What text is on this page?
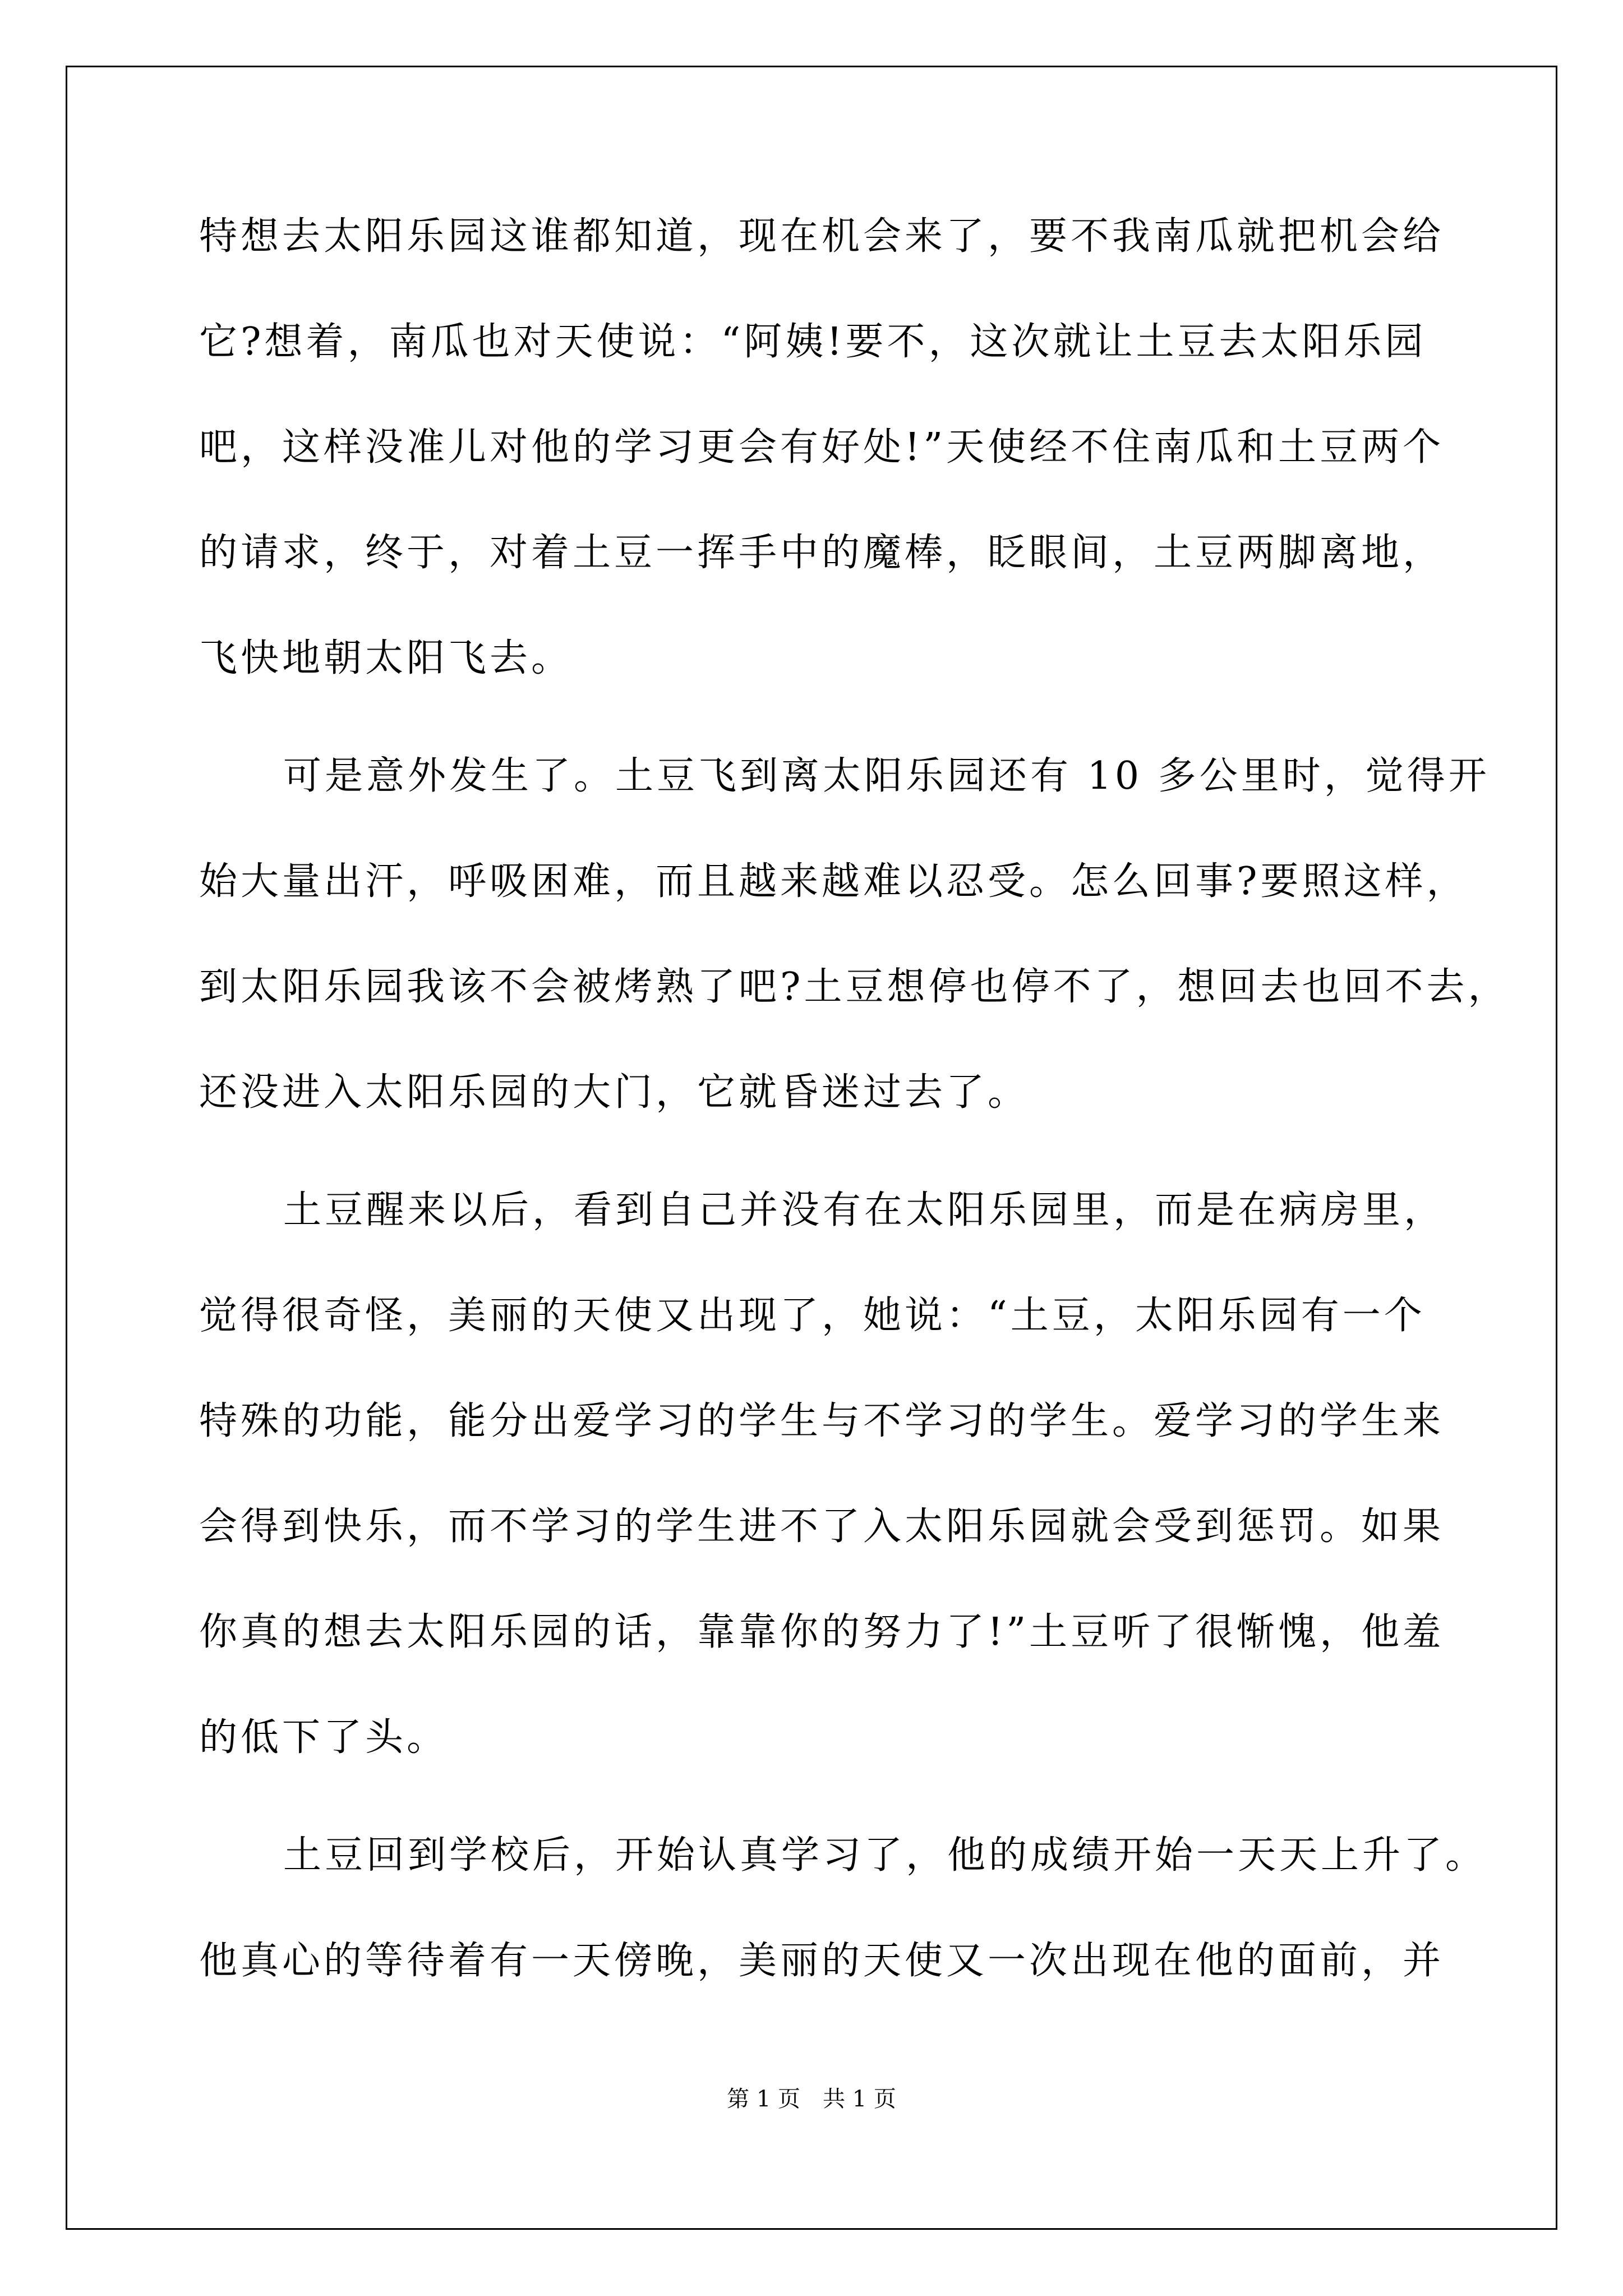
特想去太阳乐园这谁都知道，现在机会来了，要不我南瓜就把机会给
它?想着，南瓜也对天使说：“阿姨!要不，这次就让土豆去太阳乐园
吧，这样没准儿对他的学习更会有好处!”天使经不住南瓜和土豆两个
的请求，终于，对着土豆一挥手中的魔棒，眨眼间，土豆两脚离地，
飞快地朝太阳飞去。
可是意外发生了。土豆飞到离太阳乐园还有 10 多公里时，觉得开
始大量出汗，呼吸困难，而且越来越难以忍受。怎么回事?要照这样，
到太阳乐园我该不会被烤熟了吧?土豆想停也停不了，想回去也回不去，
还没进入太阳乐园的大门，它就昏迷过去了。
土豆醒来以后，看到自己并没有在太阳乐园里，而是在病房里，
觉得很奇怪，美丽的天使又出现了，她说：“土豆，太阳乐园有一个
特殊的功能，能分出爱学习的学生与不学习的学生。爱学习的学生来
会得到快乐，而不学习的学生进不了入太阳乐园就会受到惩罚。如果
你真的想去太阳乐园的话，靠靠你的努力了!”土豆听了很惭愧，他羞
的低下了头。
土豆回到学校后，开始认真学习了，他的成绩开始一天天上升了。
他真心的等待着有一天傍晚，美丽的天使又一次出现在他的面前，并
第 1 页　共 1 页
